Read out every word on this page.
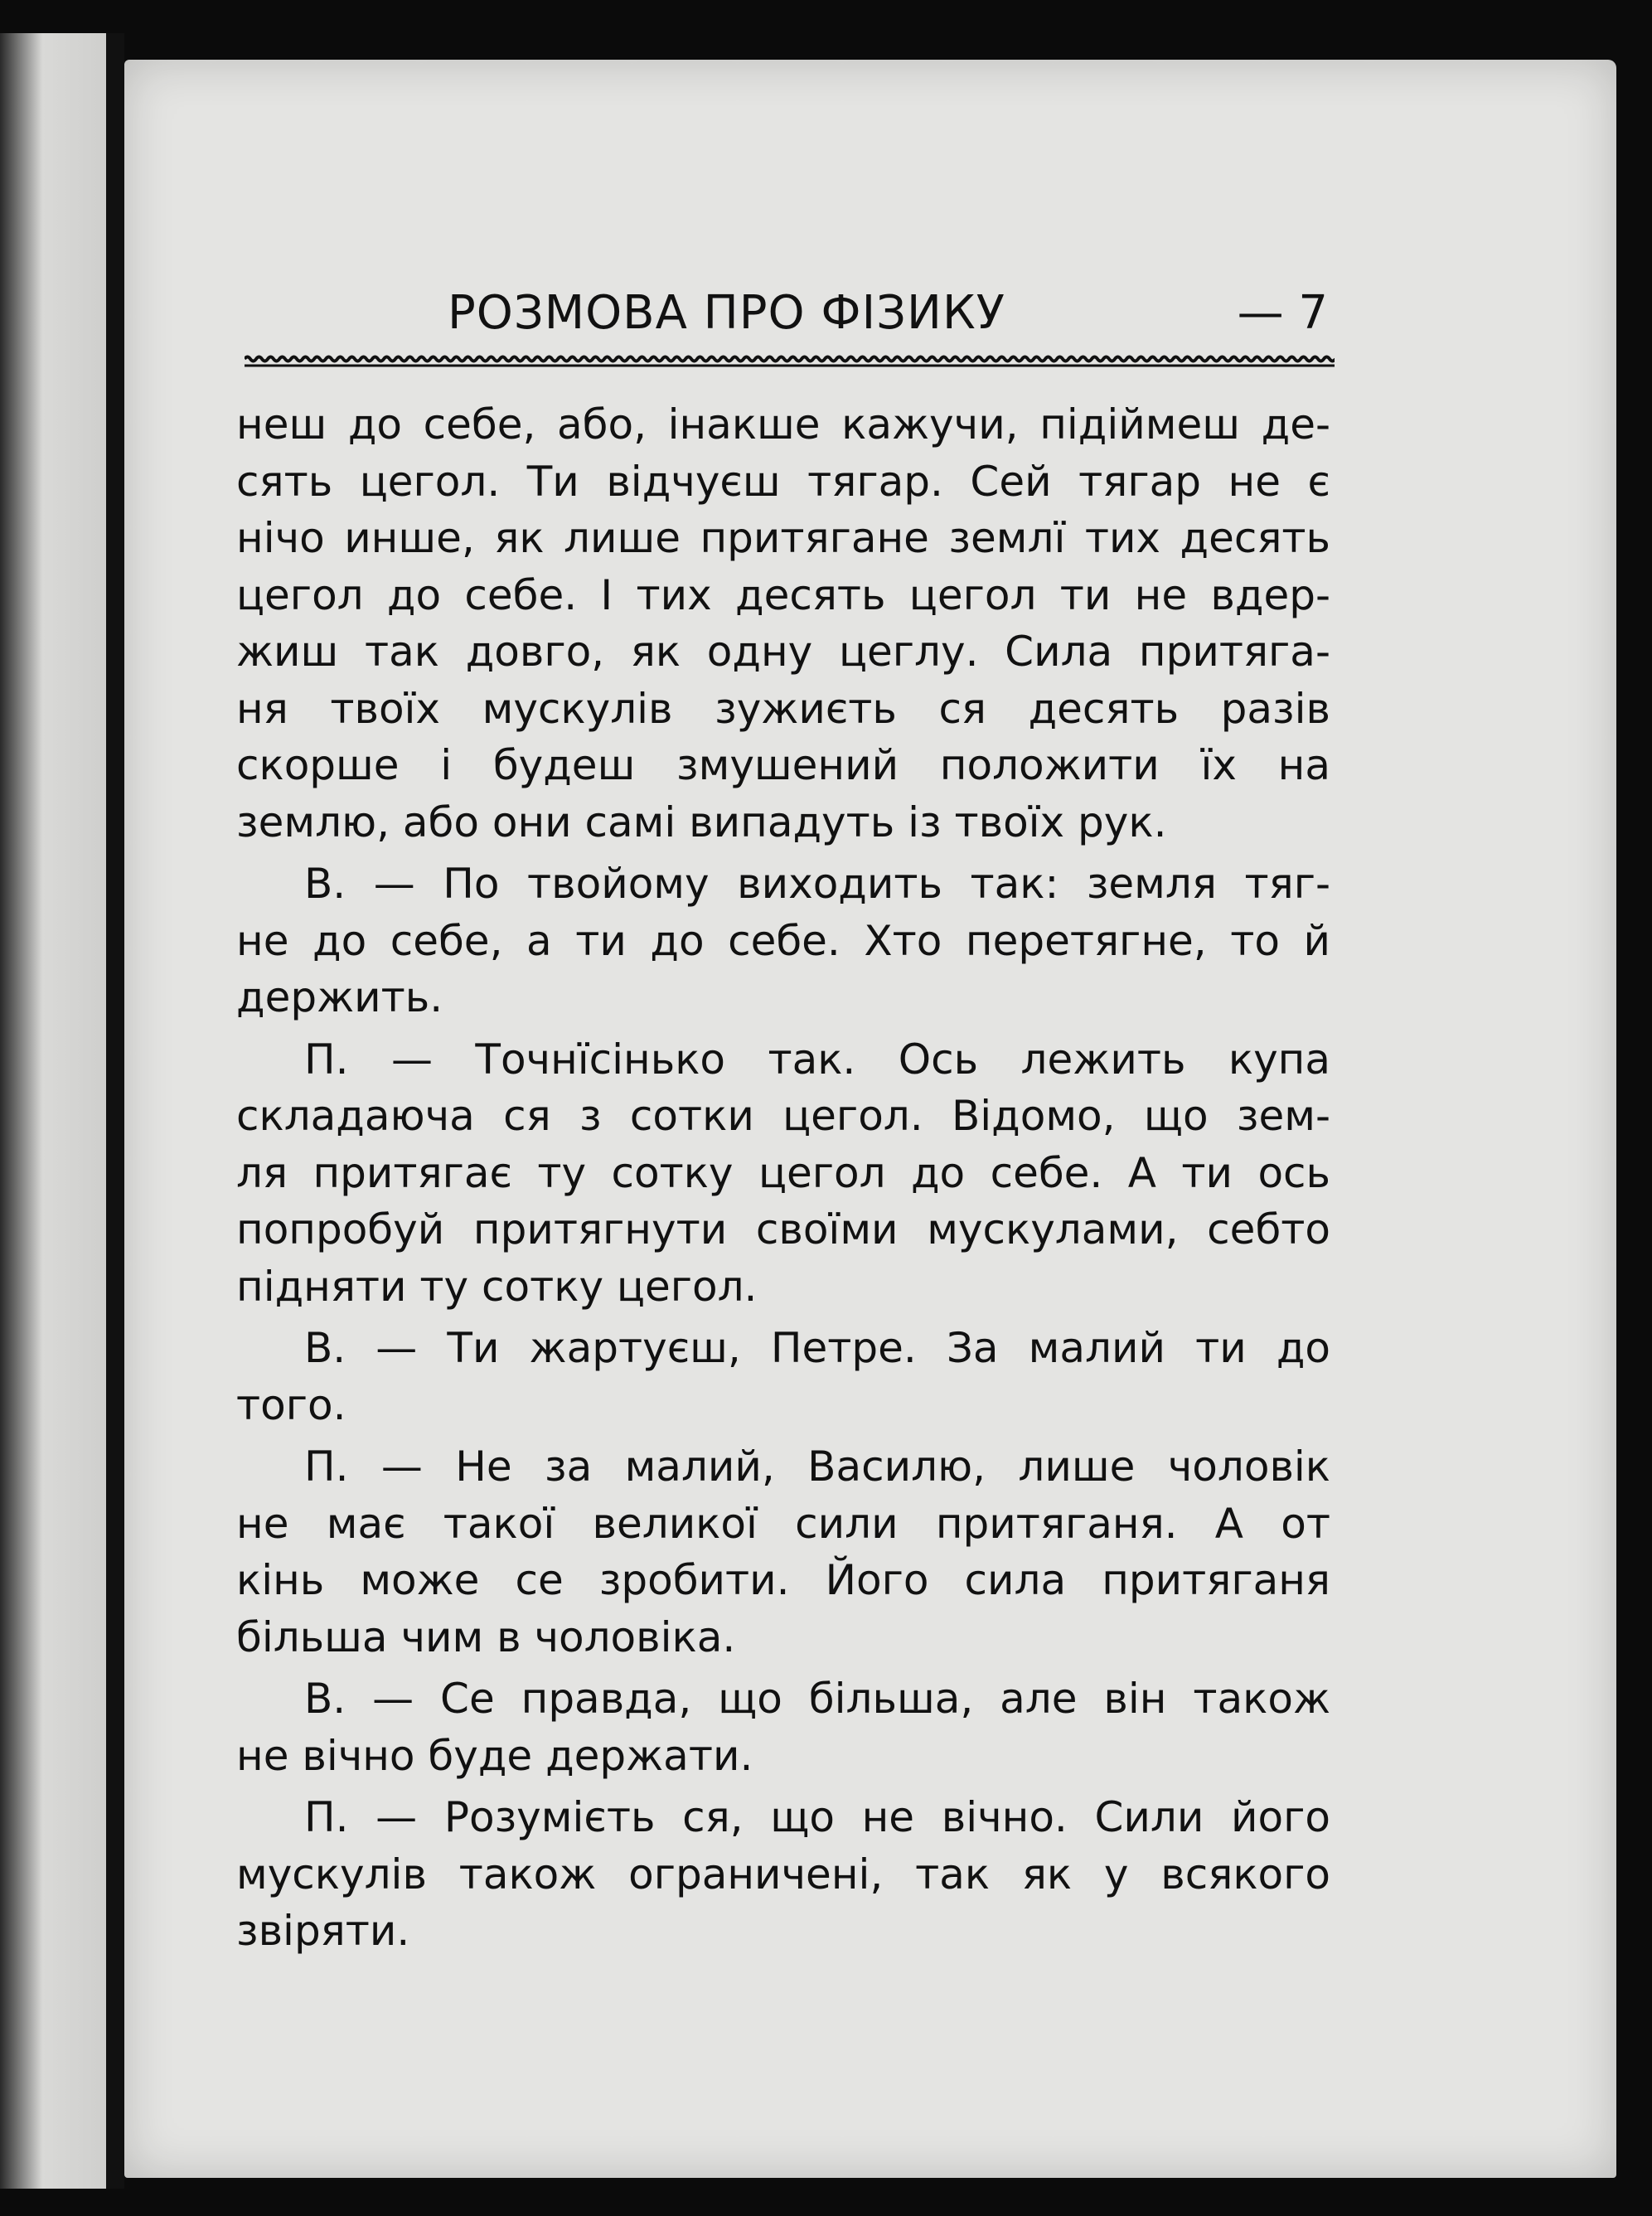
РОЗМОВА ПРО ФІЗИКУ	— 7
неш до себе, або, інакше кажучи, підіймеш де-
сять цегол. Ти відчуєш тягар. Сей тягар не є
нічо инше, як лише притягане землї тих десять
цегол до себе. І тих десять цегол ти не вдер-
жиш так довго, як одну цеглу. Сила притяга-
ня твоїх мускулів зужиєть ся десять разів
скорше і будеш змушений положити їх на
землю, або они самі випадуть із твоїх рук.
В. — По твойому виходить так: земля тяг-
не до себе, а ти до себе. Хто перетягне, то й
держить.
П. — Точнїсінько так. Ось лежить купа
складаюча ся з сотки цегол. Відомо, що зем-
ля притягає ту сотку цегол до себе. А ти ось
попробуй притягнути своїми мускулами, себто
підняти ту сотку цегол.
В. — Ти жартуєш, Петре. За малий ти до
того.
П. — Не за малий, Василю, лише чоловік
не має такої великої сили притяганя. А от
кінь може се зробити. Його сила притяганя
більша чим в чоловіка.
В. — Се правда, що більша, але він також
не вічно буде держати.
П. — Розумієть ся, що не вічно. Сили його
мускулів також ограничені, так як у всякого
звіряти.
